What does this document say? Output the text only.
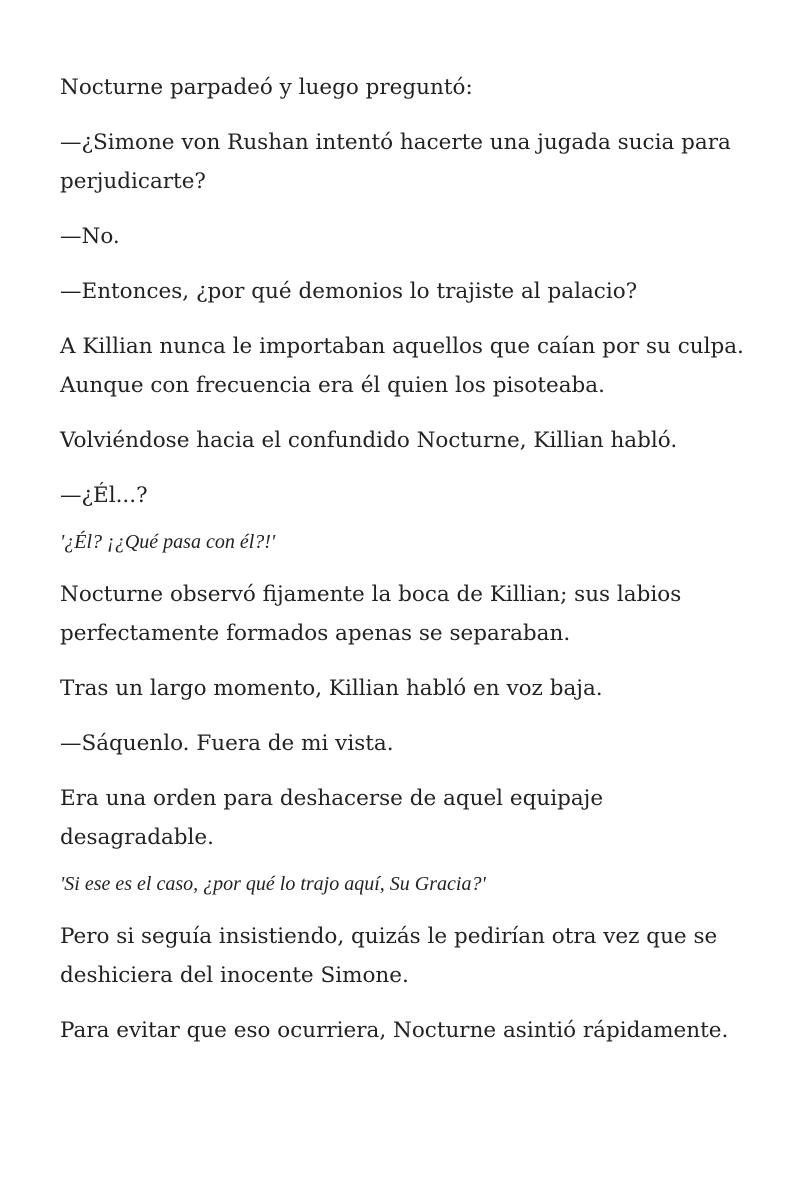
Nocturne parpadeó y luego preguntó:

—¿Simone von Rushan intentó hacerte una jugada sucia para perjudicarte?

—No.

—Entonces, ¿por qué demonios lo trajiste al palacio?

A Killian nunca le importaban aquellos que caían por su culpa. Aunque con frecuencia era él quien los pisoteaba.

Volviéndose hacia el confundido Nocturne, Killian habló.

—¿Él...?

'¿Él? ¡¿Qué pasa con él?!'

Nocturne observó fijamente la boca de Killian; sus labios perfectamente formados apenas se separaban.

Tras un largo momento, Killian habló en voz baja.

—Sáquenlo. Fuera de mi vista.

Era una orden para deshacerse de aquel equipaje desagradable.

'Si ese es el caso, ¿por qué lo trajo aquí, Su Gracia?'

Pero si seguía insistiendo, quizás le pedirían otra vez que se deshiciera del inocente Simone.

Para evitar que eso ocurriera, Nocturne asintió rápidamente.
